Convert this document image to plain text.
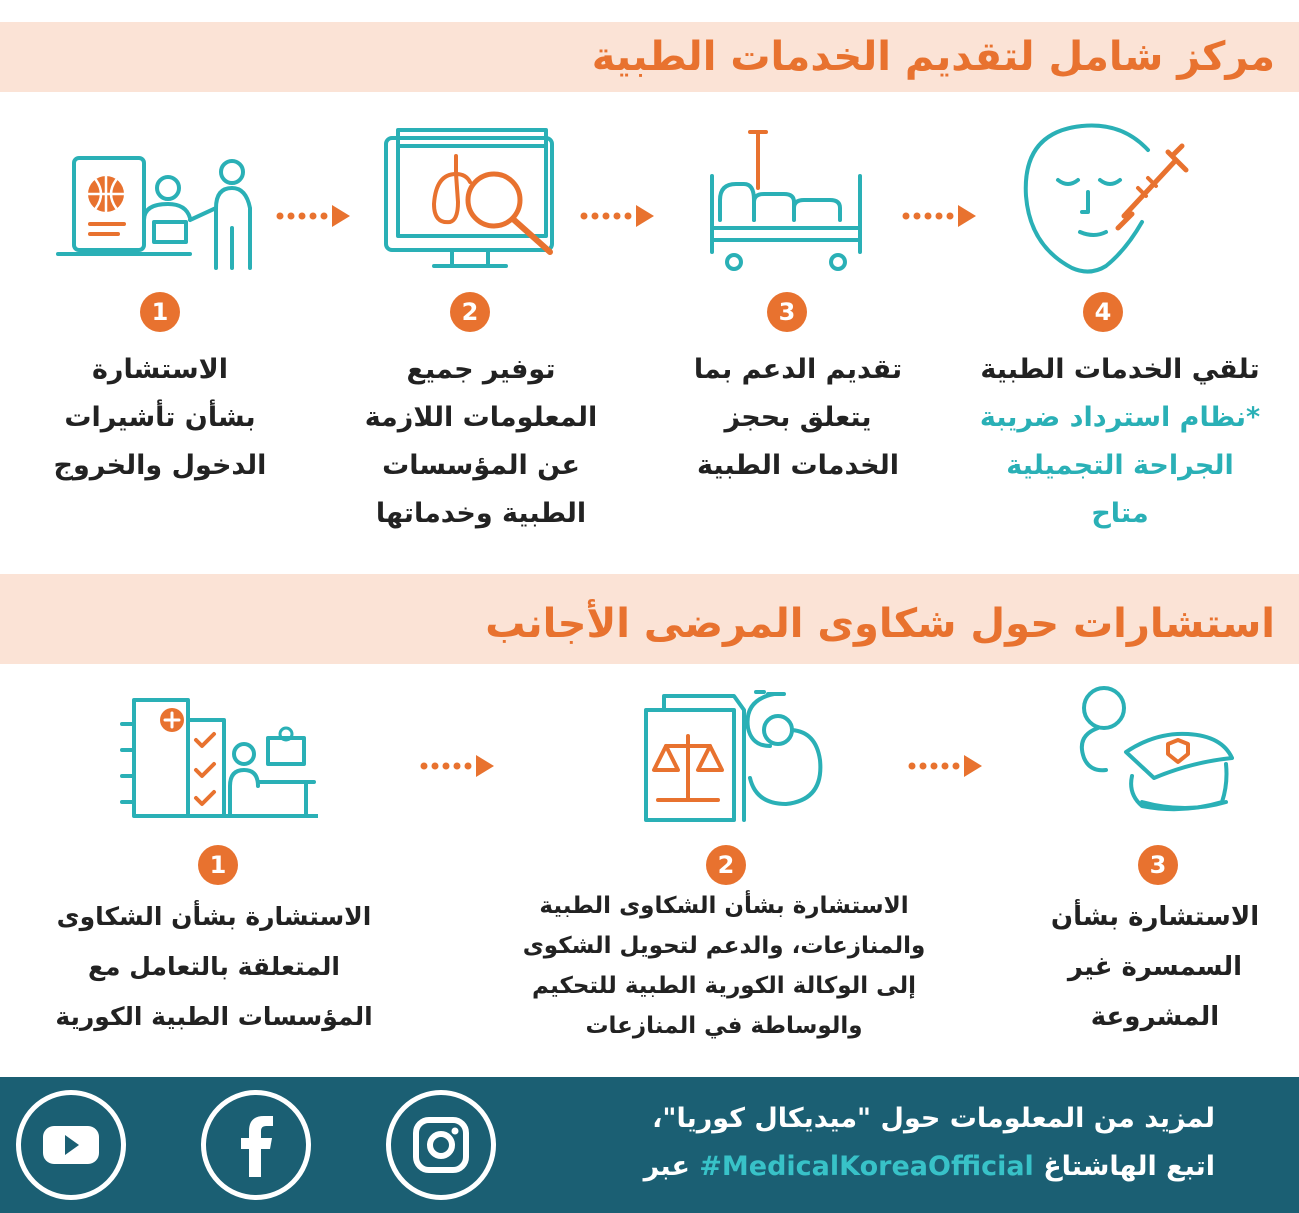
مركز شامل لتقديم الخدمات الطبية
1	2	3	4
الاستشارة
بشأن تأشيرات
الدخول والخروج
توفير جميع
المعلومات اللازمة
عن المؤسسات
الطبية وخدماتها
تقديم الدعم بما
يتعلق بحجز
الخدمات الطبية
تلقي الخدمات الطبية
*نظام استرداد ضريبة
الجراحة التجميلية
متاح
استشارات حول شكاوى المرضى الأجانب
1	2	3
الاستشارة بشأن الشكاوى
المتعلقة بالتعامل مع
المؤسسات الطبية الكورية
الاستشارة بشأن الشكاوى الطبية
والمنازعات، والدعم لتحويل الشكوى
إلى الوكالة الكورية الطبية للتحكيم
والوساطة في المنازعات
الاستشارة بشأن
السمسرة غير
المشروعة
لمزيد من المعلومات حول "ميديكال كوريا"،
اتبع الهاشتاغ #MedicalKoreaOfficial عبر
